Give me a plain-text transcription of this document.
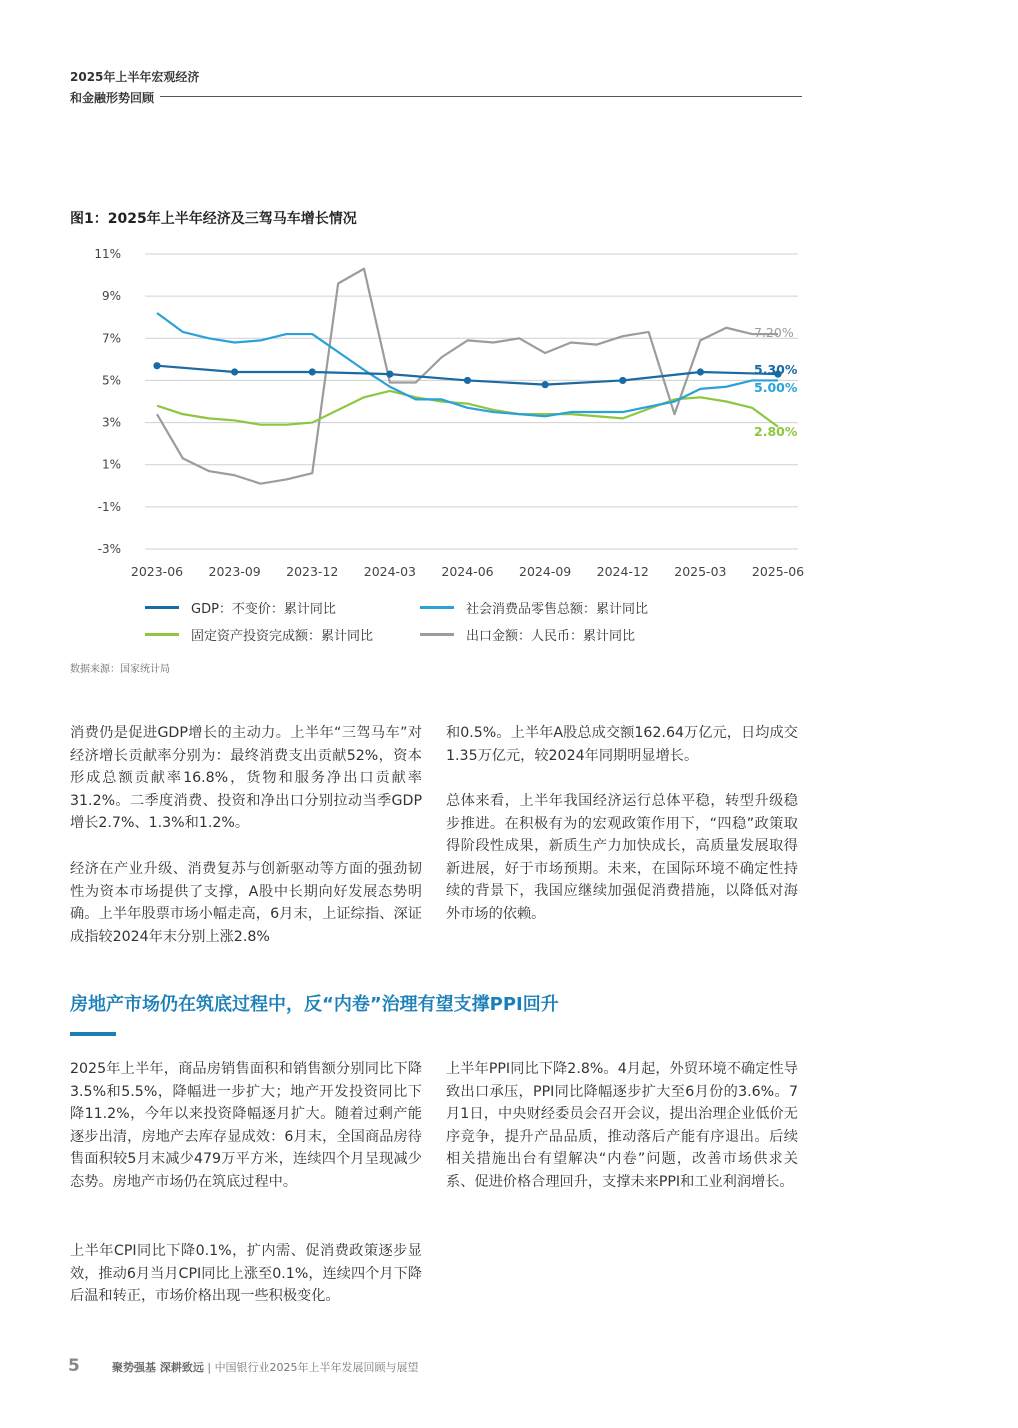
2025年上半年宏观经济
和金融形势回顾
图1：2025年上半年经济及三驾马车增长情况
11%
9%
7%
5%
3%
1%
-1%
-3%
2023-06 2023-09 2023-12 2024-03 2024-06 2024-09 2024-12 2025-03 2025-06
5.30%
5.00%
2.80%
7.20%
GDP：不变价：累计同比	社会消费品零售总额：累计同比
固定资产投资完成额：累计同比	出口金额：人民币：累计同比
数据来源：国家统计局
消费仍是促进GDP增长的主动力。上半年“三驾马车”对经济增长贡献率分别为：最终消费支出贡献52%，资本形成总额贡献率16.8%，货物和服务净出口贡献率31.2%。二季度消费、投资和净出口分别拉动当季GDP增长2.7%、1.3%和1.2%。
经济在产业升级、消费复苏与创新驱动等方面的强劲韧性为资本市场提供了支撑，A股中长期向好发展态势明确。上半年股票市场小幅走高，6月末，上证综指、深证成指较2024年末分别上涨2.8%
和0.5%。上半年A股总成交额162.64万亿元，日均成交1.35万亿元，较2024年同期明显增长。
总体来看，上半年我国经济运行总体平稳，转型升级稳步推进。在积极有为的宏观政策作用下，“四稳”政策取得阶段性成果，新质生产力加快成长，高质量发展取得新进展，好于市场预期。未来，在国际环境不确定性持续的背景下，我国应继续加强促消费措施，以降低对海外市场的依赖。
房地产市场仍在筑底过程中，反“内卷”治理有望支撑PPI回升
2025年上半年，商品房销售面积和销售额分别同比下降3.5%和5.5%，降幅进一步扩大；地产开发投资同比下降11.2%，今年以来投资降幅逐月扩大。随着过剩产能逐步出清，房地产去库存显成效：6月末，全国商品房待售面积较5月末减少479万平方米，连续四个月呈现减少态势。房地产市场仍在筑底过程中。
上半年CPI同比下降0.1%，扩内需、促消费政策逐步显效，推动6月当月CPI同比上涨至0.1%，连续四个月下降后温和转正，市场价格出现一些积极变化。
上半年PPI同比下降2.8%。4月起，外贸环境不确定性导致出口承压，PPI同比降幅逐步扩大至6月份的3.6%。7月1日，中央财经委员会召开会议，提出治理企业低价无序竞争，提升产品品质，推动落后产能有序退出。后续相关措施出台有望解决“内卷”问题，改善市场供求关系、促进价格合理回升，支撑未来PPI和工业利润增长。
5	聚势强基 深耕致远 | 中国银行业2025年上半年发展回顾与展望
